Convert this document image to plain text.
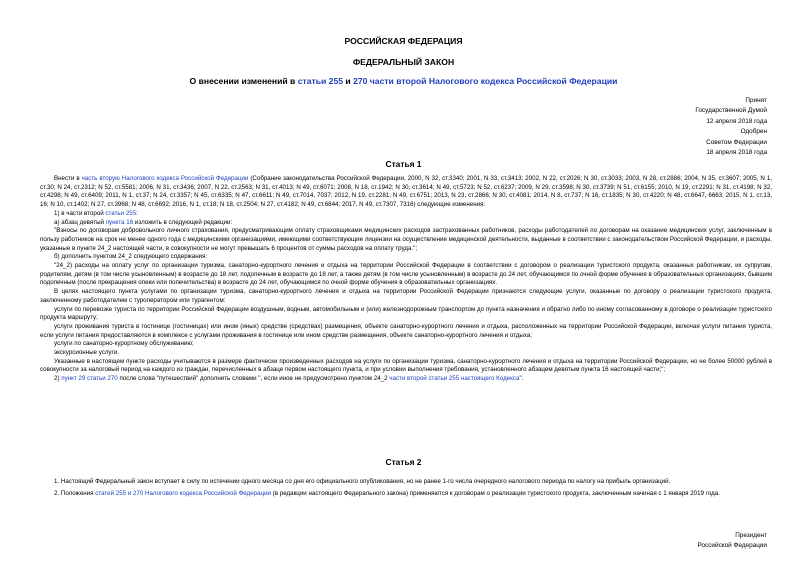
РОССИЙСКАЯ ФЕДЕРАЦИЯ
ФЕДЕРАЛЬНЫЙ ЗАКОН
О внесении изменений в статьи 255 и 270 части второй Налогового кодекса Российской Федерации
Принят
Государственной Думой
12 апреля 2018 года
Одобрен
Советом Федерации
18 апреля 2018 года
Статья 1

Внести в часть вторую Налогового кодекса Российской Федерации (Собрание законодательства Российской Федерации, 2000, N 32, ст.3340; 2001, N 33, ст.3413; 2002, N 22, ст.2026; N 30, ст.3033; 2003, N 28, ст.2886; 2004, N 35, ст.3607; 2005, N 1, ст.30; N 24, ст.2312; N 52, ст.5581; 2006, N 31, ст.3436; 2007, N 22, ст.2563; N 31, ст.4013; N 49, ст.6071; 2008, N 18, ст.1942; N 30, ст.3614; N 49, ст.5723; N 52, ст.6237; 2009, N 29, ст.3598; N 30, ст.3739; N 51, ст.6155; 2010, N 19, ст.2291; N 31, ст.4198; N 32, ст.4298; N 49, ст.6409; 2011, N 1, ст.37; N 24, ст.3357; N 45, ст.6335; N 47, ст.6611; N 49, ст.7014, 7037; 2012, N 19, ст.2281; N 49, ст.6751; 2013, N 23, ст.2866; N 30, ст.4081; 2014, N 8, ст.737; N 16, ст.1835; N 30, ст.4220; N 48, ст.6647, 6663; 2015, N 1, ст.13, 16; N 10, ст.1402; N 27, ст.3968; N 48, ст.6692; 2016, N 1, ст.18; N 18, ст.2504; N 27, ст.4182; N 49, ст.6844; 2017, N 49, ст.7307, 7316) следующие изменения:

1) в части второй статьи 255:

а) абзац девятый пункта 16 изложить в следующей редакции:

"Взносы по договорам добровольного личного страхования, предусматривающим оплату страховщиками медицинских расходов застрахованных работников, расходы работодателей по договорам на оказание медицинских услуг, заключенным в пользу работников на срок не менее одного года с медицинскими организациями, имеющими соответствующие лицензии на осуществление медицинской деятельности, выданные в соответствии с законодательством Российской Федерации, и расходы, указанные в пункте 24_2 настоящей части, в совокупности не могут превышать 6 процентов от суммы расходов на оплату труда.";

б) дополнить пунктом 24_2 следующего содержания:

"24_2) расходы на оплату услуг по организации туризма, санаторно-курортного лечения и отдыха на территории Российской Федерации в соответствии с договором о реализации туристского продукта, оказанных работникам, их супругам, родителям, детям (в том числе усыновленным) в возрасте до 18 лет, подопечным в возрасте до 18 лет, а также детям (в том числе усыновленным) в возрасте до 24 лет, обучающимся по очной форме обучения в образовательных организациях, бывшим подопечным (после прекращения опеки или попечительства) в возрасте до 24 лет, обучающимся по очной форме обучения в образовательных организациях.

В целях настоящего пункта услугами по организации туризма, санаторно-курортного лечения и отдыха на территории Российской Федерации признаются следующие услуги, оказанные по договору о реализации туристского продукта, заключенному работодателем с туроператором или турагентом:

услуги по перевозке туриста по территории Российской Федерации воздушным, водным, автомобильным и (или) железнодорожным транспортом до пункта назначения и обратно либо по иному согласованному в договоре о реализации туристского продукта маршруту;

услуги проживания туриста в гостинице (гостиницах) или ином (иных) средстве (средствах) размещения, объекте санаторно-курортного лечения и отдыха, расположенных на территории Российской Федерации, включая услуги питания туриста, если услуги питания предоставляются в комплексе с услугами проживания в гостинице или ином средстве размещения, объекте санаторно-курортного лечения и отдыха;

услуги по санаторно-курортному обслуживанию;

экскурсионные услуги.

Указанные в настоящем пункте расходы учитываются в размере фактически произведенных расходов на услуги по организации туризма, санаторно-курортного лечения и отдыха на территории Российской Федерации, но не более 50000 рублей в совокупности за налоговый период на каждого из граждан, перечисленных в абзаце первом настоящего пункта, и при условии выполнения требования, установленного абзацем девятым пункта 16 настоящей части;";

2) пункт 29 статьи 270 после слова "путешествий" дополнить словами ", если иное не предусмотрено пунктом 24_2 части второй статьи 255 настоящего Кодекса".

Статья 2

1. Настоящий Федеральный закон вступает в силу по истечении одного месяца со дня его официального опубликования, но не ранее 1-го числа очередного налогового периода по налогу на прибыль организаций.

2. Положения статей 255 и 270 Налогового кодекса Российской Федерации (в редакции настоящего Федерального закона) применяются к договорам о реализации туристского продукта, заключенным начиная с 1 января 2019 года.

Президент
Российской Федерации
